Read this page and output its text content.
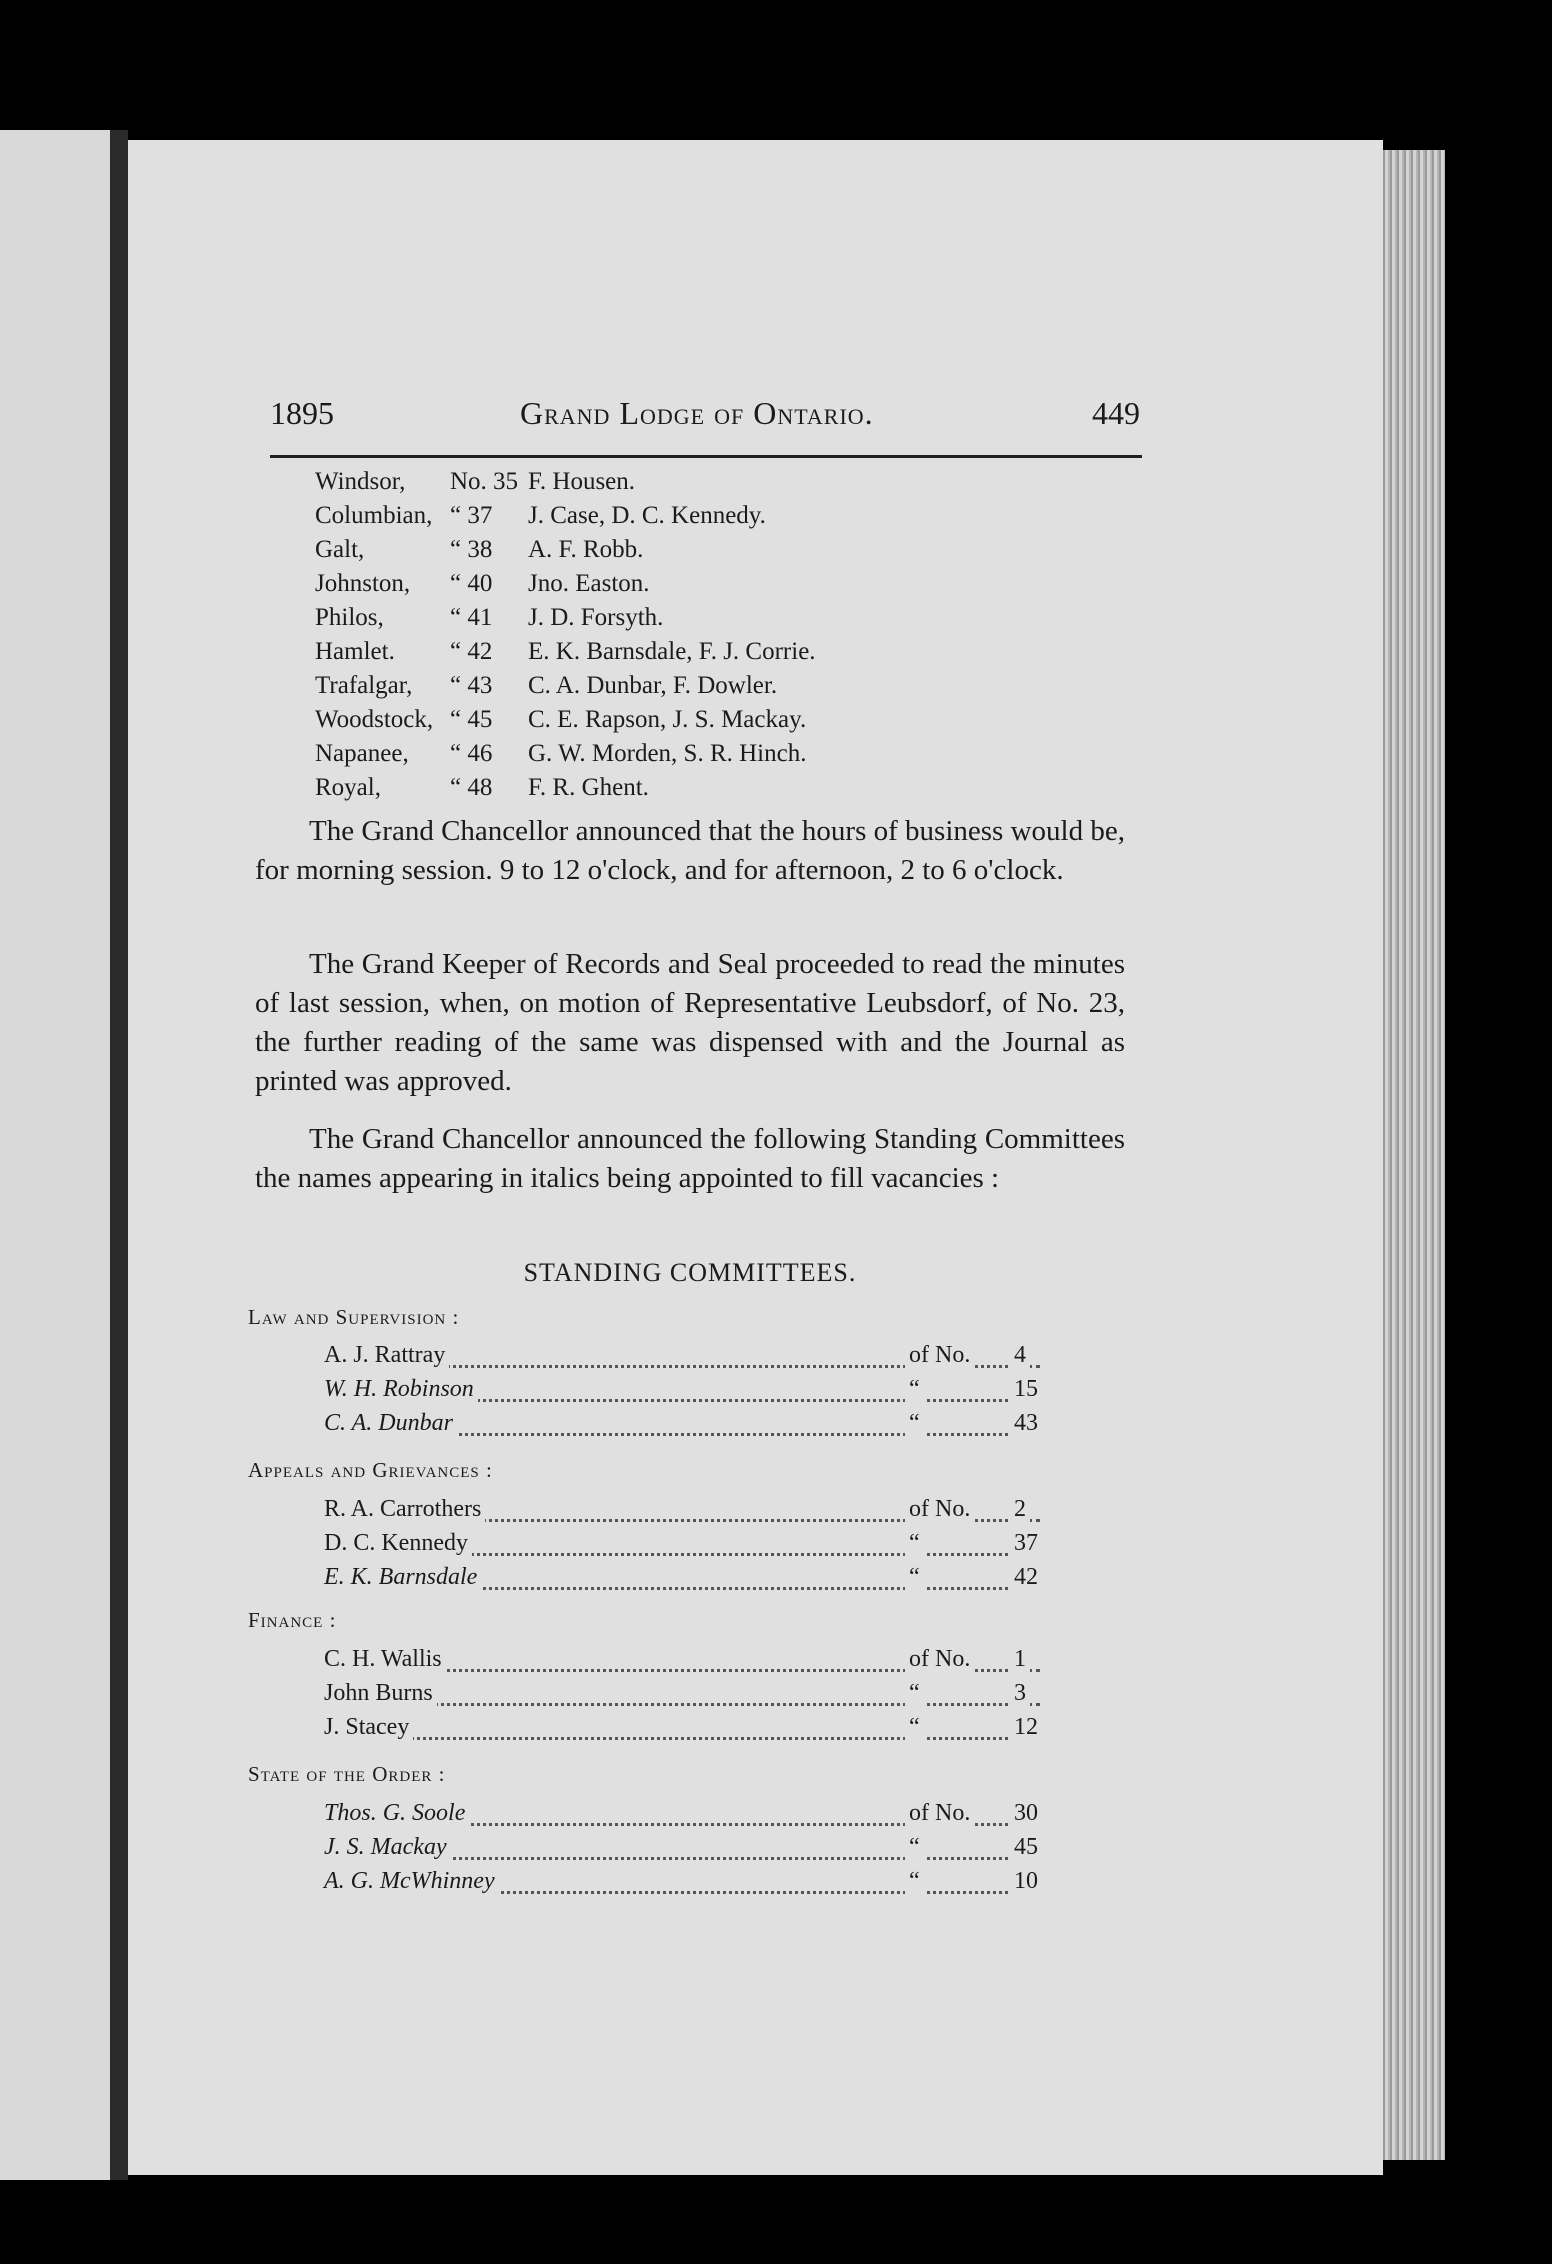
1895	Grand Lodge of Ontario.	449
Windsor, No. 35 F. Housen.
Columbian, “ 37 J. Case, D. C. Kennedy.
Galt,	“ 38 A. F. Robb.
Johnston, “ 40 Jno. Easton.
Philos,	“ 41 J. D. Forsyth.
Hamlet. “ 42 E. K. Barnsdale, F. J. Corrie.
Trafalgar, “ 43 C. A. Dunbar, F. Dowler.
Woodstock, “ 45 C. E. Rapson, J. S. Mackay.
Napanee, “ 46 G. W. Morden, S. R. Hinch.
Royal,	“ 48 F. R. Ghent.

The Grand Chancellor announced that the hours of business would be, for morning session. 9 to 12 o'clock, and for afternoon, 2 to 6 o'clock.

The Grand Keeper of Records and Seal proceeded to read the minutes of last session, when, on motion of Representative Leubsdorf, of No. 23, the further reading of the same was dispensed with and the Journal as printed was approved.

The Grand Chancellor announced the following Standing Committees the names appearing in italics being appointed to fill vacancies :

STANDING COMMITTEES.
Law and Supervision :
A. J. Rattray	of No. 4
W. H. Robinson	“	15
C. A. Dunbar	“	43
Appeals and Grievances :
R. A. Carrothers	of No. 2
D. C. Kennedy	“	37
E. K. Barnsdale	“	42
Finance :
C. H. Wallis	of No. 1
John Burns	“	3
J. Stacey	“	12
State of the Order :
Thos. G. Soole	of No. 30
J. S. Mackay	“	45
A. G. McWhinney	“	10
